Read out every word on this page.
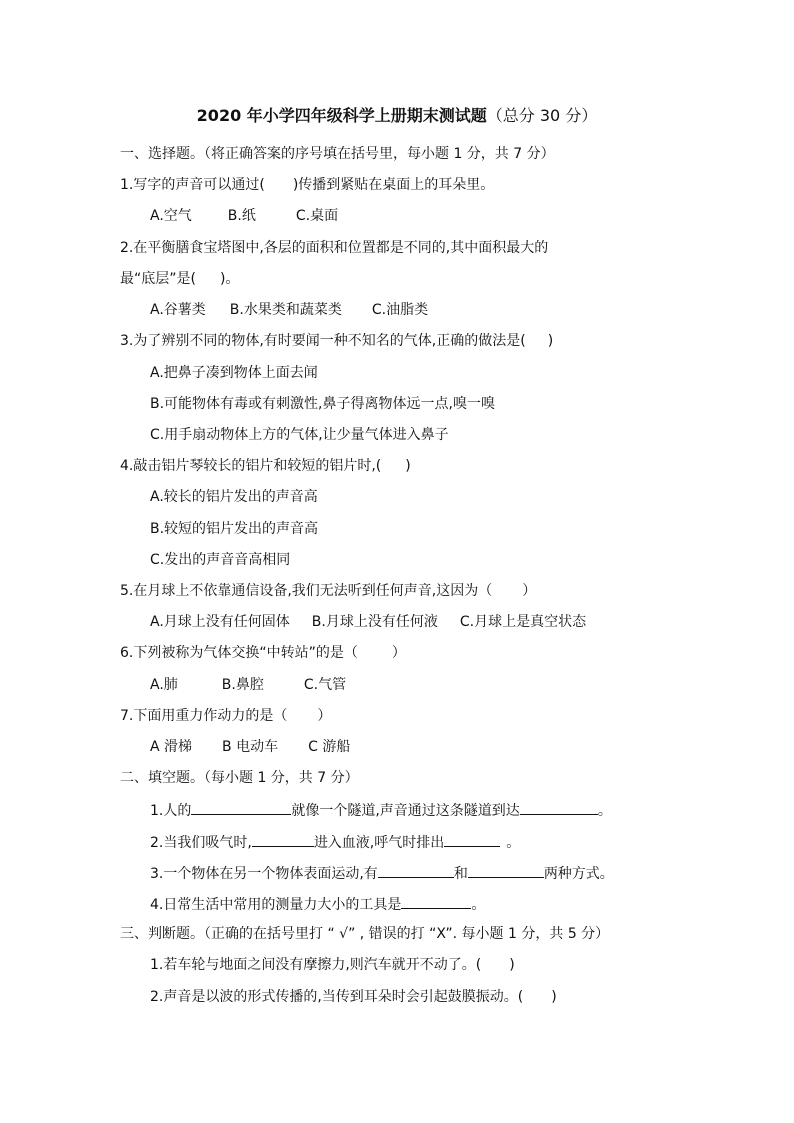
2020 年小学四年级科学上册期末测试题（总分 30 分）
一、选择题。（将正确答案的序号填在括号里，每小题 1 分，共 7 分）
1.写字的声音可以通过( )传播到紧贴在桌面上的耳朵里。
A.空气	B.纸	C.桌面
2.在平衡膳食宝塔图中,各层的面积和位置都是不同的,其中面积最大的
最“底层”是( )。
A.谷薯类 B.水果类和蔬菜类 C.油脂类
3.为了辨别不同的物体,有时要闻一种不知名的气体,正确的做法是( )
A.把鼻子凑到物体上面去闻
B.可能物体有毒或有刺激性,鼻子得离物体远一点,嗅一嗅
C.用手扇动物体上方的气体,让少量气体进入鼻子
4.敲击铝片琴较长的铝片和较短的铝片时,( )
A.较长的铝片发出的声音高
B.较短的铝片发出的声音高
C.发出的声音音高相同
5.在月球上不依靠通信设备,我们无法听到任何声音,这因为（ ）
A.月球上没有任何固体 B.月球上没有任何液 C.月球上是真空状态
6.下列被称为气体交换“中转站”的是（ ）
A.肺	B.鼻腔	C.气管
7.下面用重力作动力的是（ ）
A 滑梯 B 电动车 C 游船
二、填空题。（每小题 1 分，共 7 分）
1.人的	就像一个隧道,声音通过这条隧道到达	。
2.当我们吸气时,	进入血液,呼气时排出	。
3.一个物体在另一个物体表面运动,有	和	两种方式。
4.日常生活中常用的测量力大小的工具是	。
三、判断题。（正确的在括号里打 “ √” , 错误的打 “X”. 每小题 1 分，共 5 分）
1.若车轮与地面之间没有摩擦力,则汽车就开不动了。( )
2.声音是以波的形式传播的,当传到耳朵时会引起鼓膜振动。( )
